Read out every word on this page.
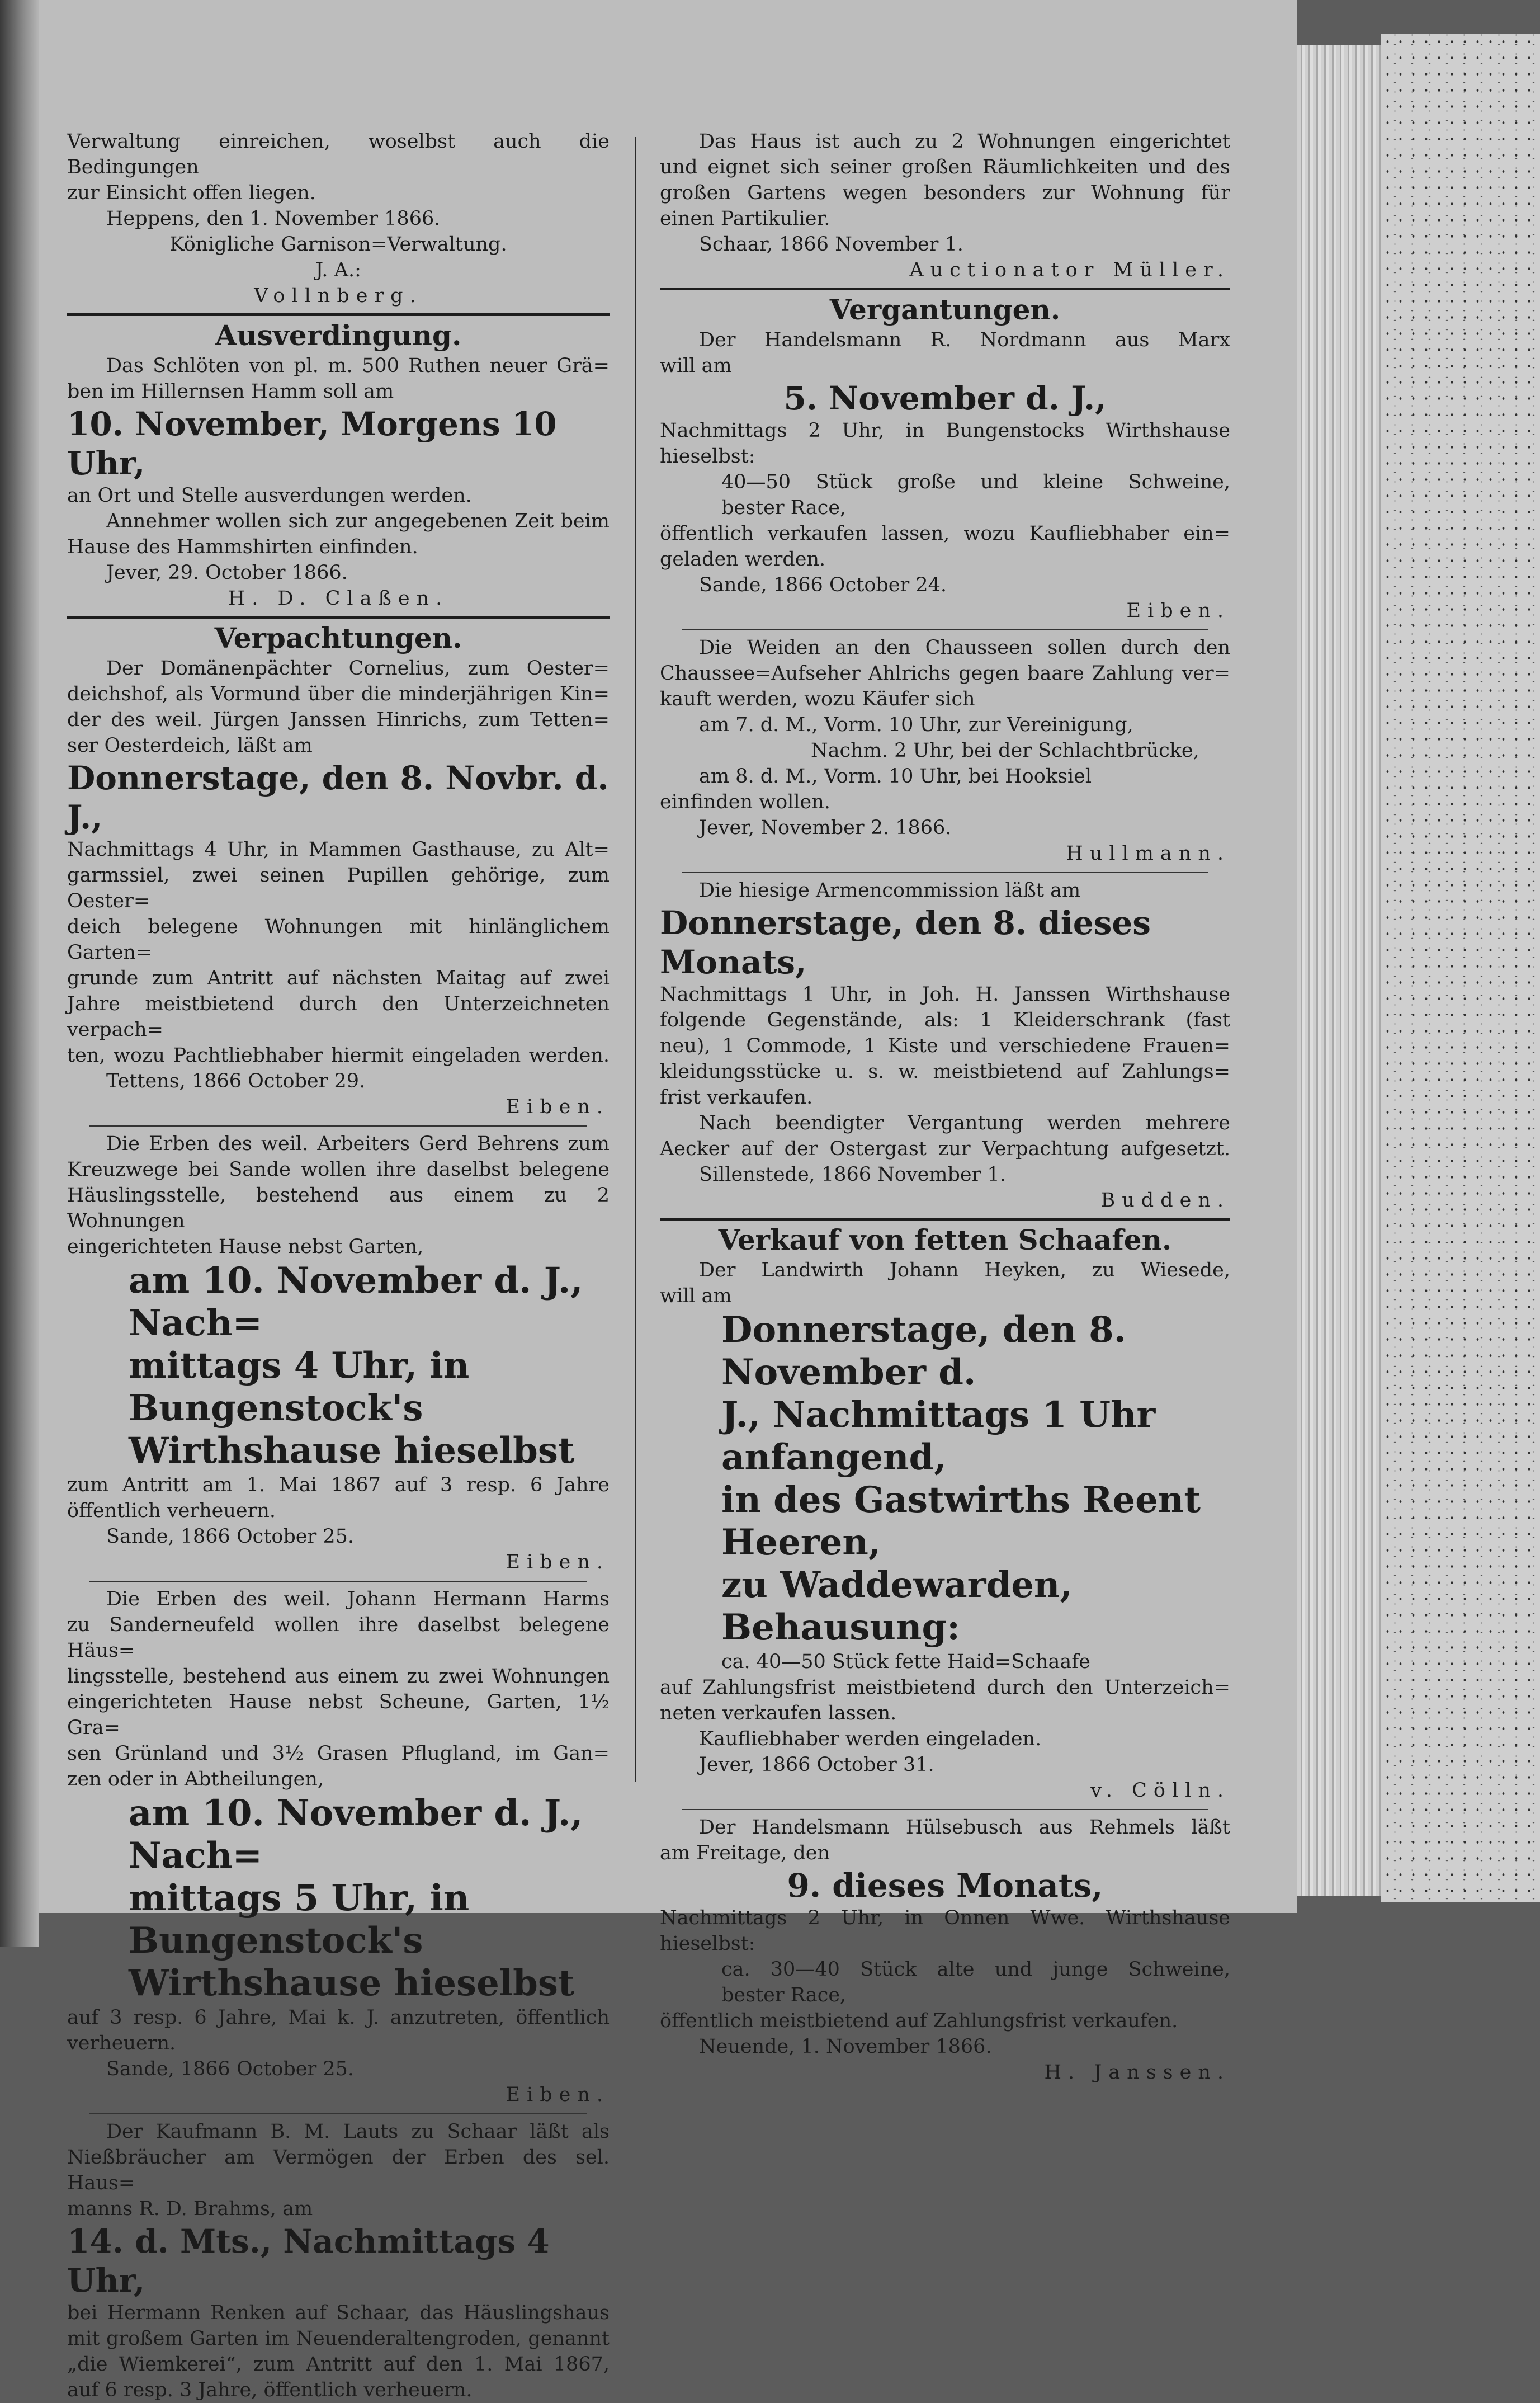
Verwaltung einreichen, woselbst auch die Bedingungen

zur Einsicht offen liegen.

Heppens, den 1. November 1866.

Königliche Garnison=Verwaltung.

J. A.:

Vollnberg.

Ausverdingung.

Das Schlöten von pl. m. 500 Ruthen neuer Grä=

ben im Hillernsen Hamm soll am

10. November, Morgens 10 Uhr,

an Ort und Stelle ausverdungen werden.

Annehmer wollen sich zur angegebenen Zeit beim

Hause des Hammshirten einfinden.

Jever, 29. October 1866.

H. D. Claßen.

Verpachtungen.

Der Domänenpächter Cornelius, zum Oester=

deichshof, als Vormund über die minderjährigen Kin=

der des weil. Jürgen Janssen Hinrichs, zum Tetten=

ser Oesterdeich, läßt am

Donnerstage, den 8. Novbr. d. J.,

Nachmittags 4 Uhr, in Mammen Gasthause, zu Alt=

garmssiel, zwei seinen Pupillen gehörige, zum Oester=

deich belegene Wohnungen mit hinlänglichem Garten=

grunde zum Antritt auf nächsten Maitag auf zwei

Jahre meistbietend durch den Unterzeichneten verpach=

ten, wozu Pachtliebhaber hiermit eingeladen werden.

Tettens, 1866 October 29.

Eiben.

Die Erben des weil. Arbeiters Gerd Behrens zum

Kreuzwege bei Sande wollen ihre daselbst belegene

Häuslingsstelle, bestehend aus einem zu 2 Wohnungen

eingerichteten Hause nebst Garten,

am 10. November d. J., Nach=

mittags 4 Uhr, in Bungenstock's

Wirthshause hieselbst

zum Antritt am 1. Mai 1867 auf 3 resp. 6 Jahre

öffentlich verheuern.

Sande, 1866 October 25.

Eiben.

Die Erben des weil. Johann Hermann Harms

zu Sanderneufeld wollen ihre daselbst belegene Häus=

lingsstelle, bestehend aus einem zu zwei Wohnungen

eingerichteten Hause nebst Scheune, Garten, 1½ Gra=

sen Grünland und 3½ Grasen Pflugland, im Gan=

zen oder in Abtheilungen,

am 10. November d. J., Nach=

mittags 5 Uhr, in Bungenstock's

Wirthshause hieselbst

auf 3 resp. 6 Jahre, Mai k. J. anzutreten, öffentlich

verheuern.

Sande, 1866 October 25.

Eiben.

Der Kaufmann B. M. Lauts zu Schaar läßt als

Nießbräucher am Vermögen der Erben des sel. Haus=

manns R. D. Brahms, am

14. d. Mts., Nachmittags 4 Uhr,

bei Hermann Renken auf Schaar, das Häuslingshaus

mit großem Garten im Neuenderaltengroden, genannt

„die Wiemkerei“, zum Antritt auf den 1. Mai 1867,

auf 6 resp. 3 Jahre, öffentlich verheuern.

Das Haus ist auch zu 2 Wohnungen eingerichtet

und eignet sich seiner großen Räumlichkeiten und des

großen Gartens wegen besonders zur Wohnung für

einen Partikulier.

Schaar, 1866 November 1.

Auctionator Müller.

Vergantungen.

Der Handelsmann R. Nordmann aus Marx

will am

5. November d. J.,

Nachmittags 2 Uhr, in Bungenstocks Wirthshause

hieselbst:

40—50 Stück große und kleine Schweine,

bester Race,

öffentlich verkaufen lassen, wozu Kaufliebhaber ein=

geladen werden.

Sande, 1866 October 24.

Eiben.

Die Weiden an den Chausseen sollen durch den

Chaussee=Aufseher Ahlrichs gegen baare Zahlung ver=

kauft werden, wozu Käufer sich

am 7. d. M., Vorm. 10 Uhr, zur Vereinigung,

Nachm. 2 Uhr, bei der Schlachtbrücke,

am 8. d. M., Vorm. 10 Uhr, bei Hooksiel

einfinden wollen.

Jever, November 2. 1866.

Hullmann.

Die hiesige Armencommission läßt am

Donnerstage, den 8. dieses Monats,

Nachmittags 1 Uhr, in Joh. H. Janssen Wirthshause

folgende Gegenstände, als: 1 Kleiderschrank (fast

neu), 1 Commode, 1 Kiste und verschiedene Frauen=

kleidungsstücke u. s. w. meistbietend auf Zahlungs=

frist verkaufen.

Nach beendigter Vergantung werden mehrere

Aecker auf der Ostergast zur Verpachtung aufgesetzt.

Sillenstede, 1866 November 1.

Budden.

Verkauf von fetten Schaafen.

Der Landwirth Johann Heyken, zu Wiesede,

will am

Donnerstage, den 8. November d.

J., Nachmittags 1 Uhr anfangend,

in des Gastwirths Reent Heeren,

zu Waddewarden, Behausung:

ca. 40—50 Stück fette Haid=Schaafe

auf Zahlungsfrist meistbietend durch den Unterzeich=

neten verkaufen lassen.

Kaufliebhaber werden eingeladen.

Jever, 1866 October 31.

v. Cölln.

Der Handelsmann Hülsebusch aus Rehmels läßt

am Freitage, den

9. dieses Monats,

Nachmittags 2 Uhr, in Onnen Wwe. Wirthshause

hieselbst:

ca. 30—40 Stück alte und junge Schweine,

bester Race,

öffentlich meistbietend auf Zahlungsfrist verkaufen.

Neuende, 1. November 1866.

H. Janssen.
